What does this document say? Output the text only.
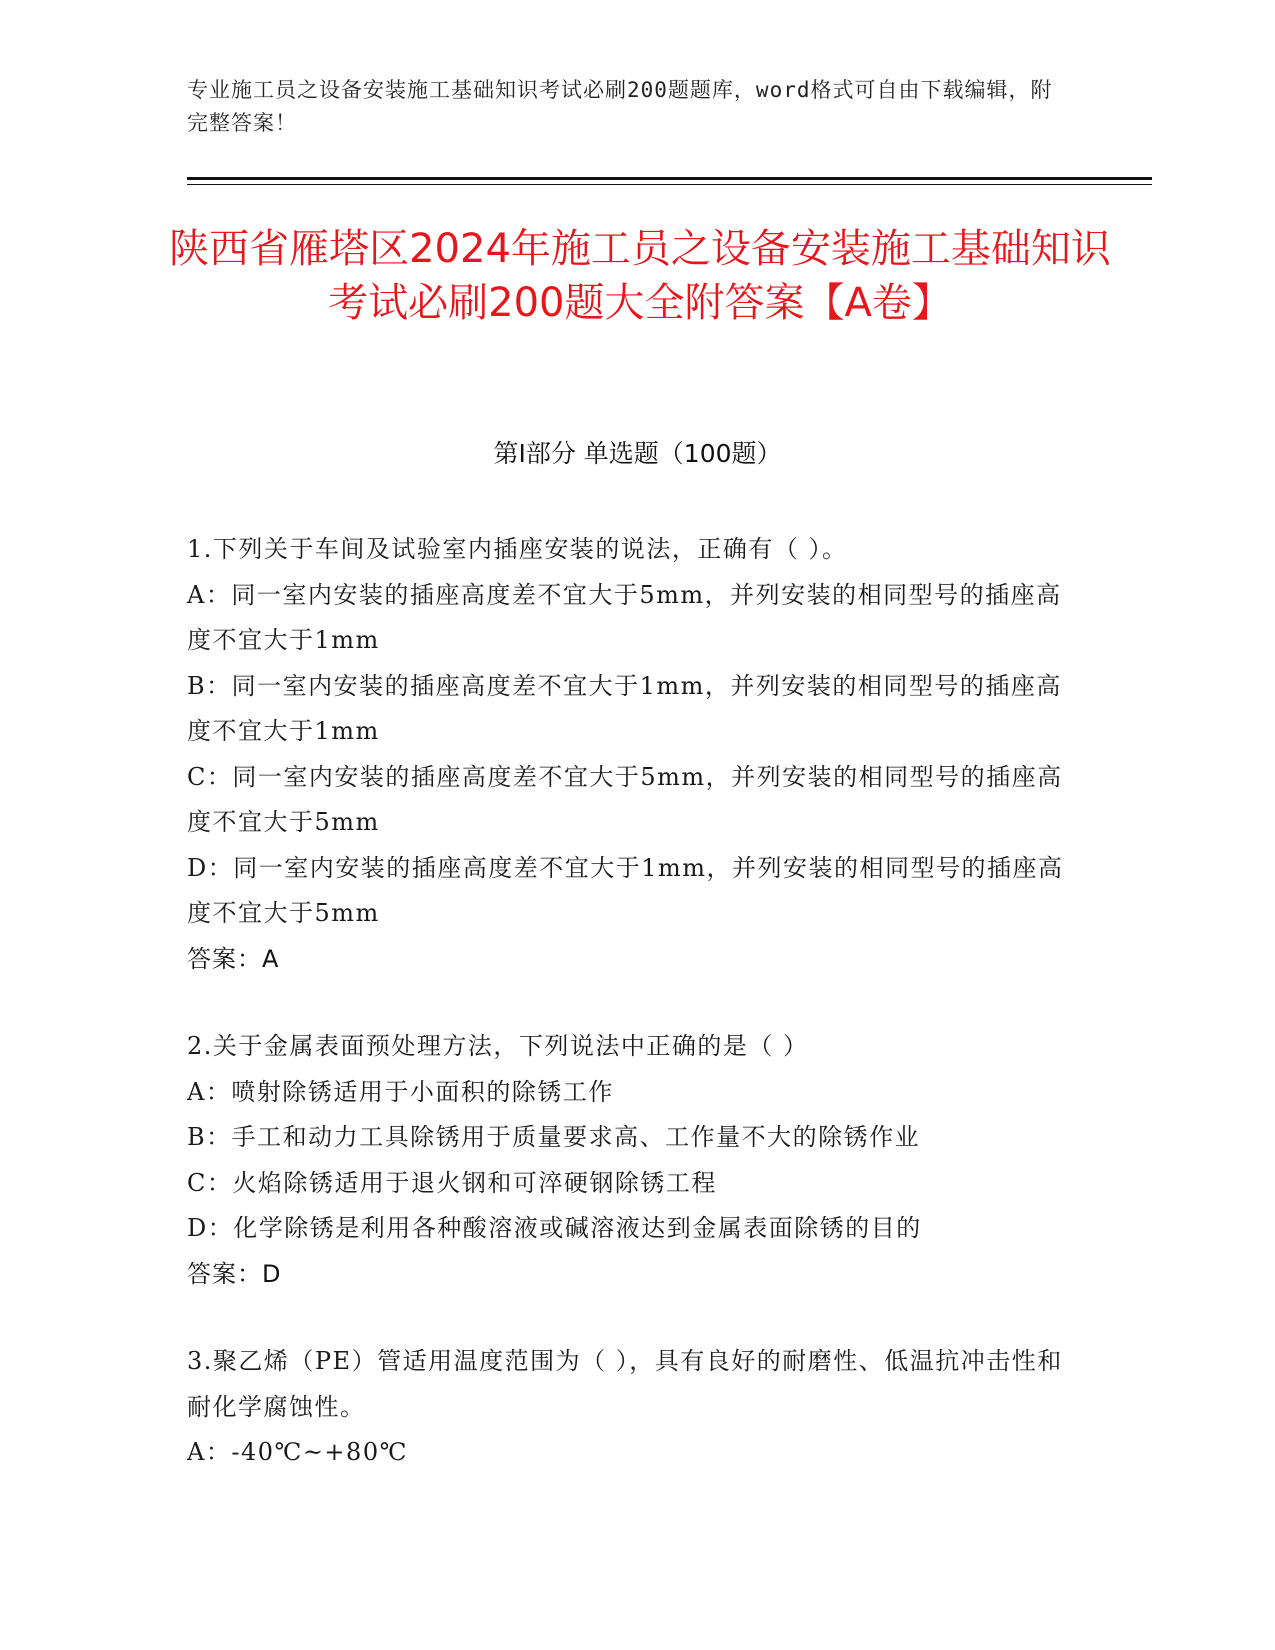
专业施工员之设备安装施工基础知识考试必刷200题题库，word格式可自由下载编辑，附完整答案！
陕西省雁塔区2024年施工员之设备安装施工基础知识考试必刷200题大全附答案【A卷】
第I部分 单选题（100题）
1.下列关于车间及试验室内插座安装的说法，正确有（ ）。
A：同一室内安装的插座高度差不宜大于5mm，并列安装的相同型号的插座高度不宜大于1mm
B：同一室内安装的插座高度差不宜大于1mm，并列安装的相同型号的插座高度不宜大于1mm
C：同一室内安装的插座高度差不宜大于5mm，并列安装的相同型号的插座高度不宜大于5mm
D：同一室内安装的插座高度差不宜大于1mm，并列安装的相同型号的插座高度不宜大于5mm
答案：A
2.关于金属表面预处理方法，下列说法中正确的是（ ）
A：喷射除锈适用于小面积的除锈工作
B：手工和动力工具除锈用于质量要求高、工作量不大的除锈作业
C：火焰除锈适用于退火钢和可淬硬钢除锈工程
D：化学除锈是利用各种酸溶液或碱溶液达到金属表面除锈的目的
答案：D
3.聚乙烯（PE）管适用温度范围为（ ），具有良好的耐磨性、低温抗冲击性和耐化学腐蚀性。
A：-40℃~+80℃
